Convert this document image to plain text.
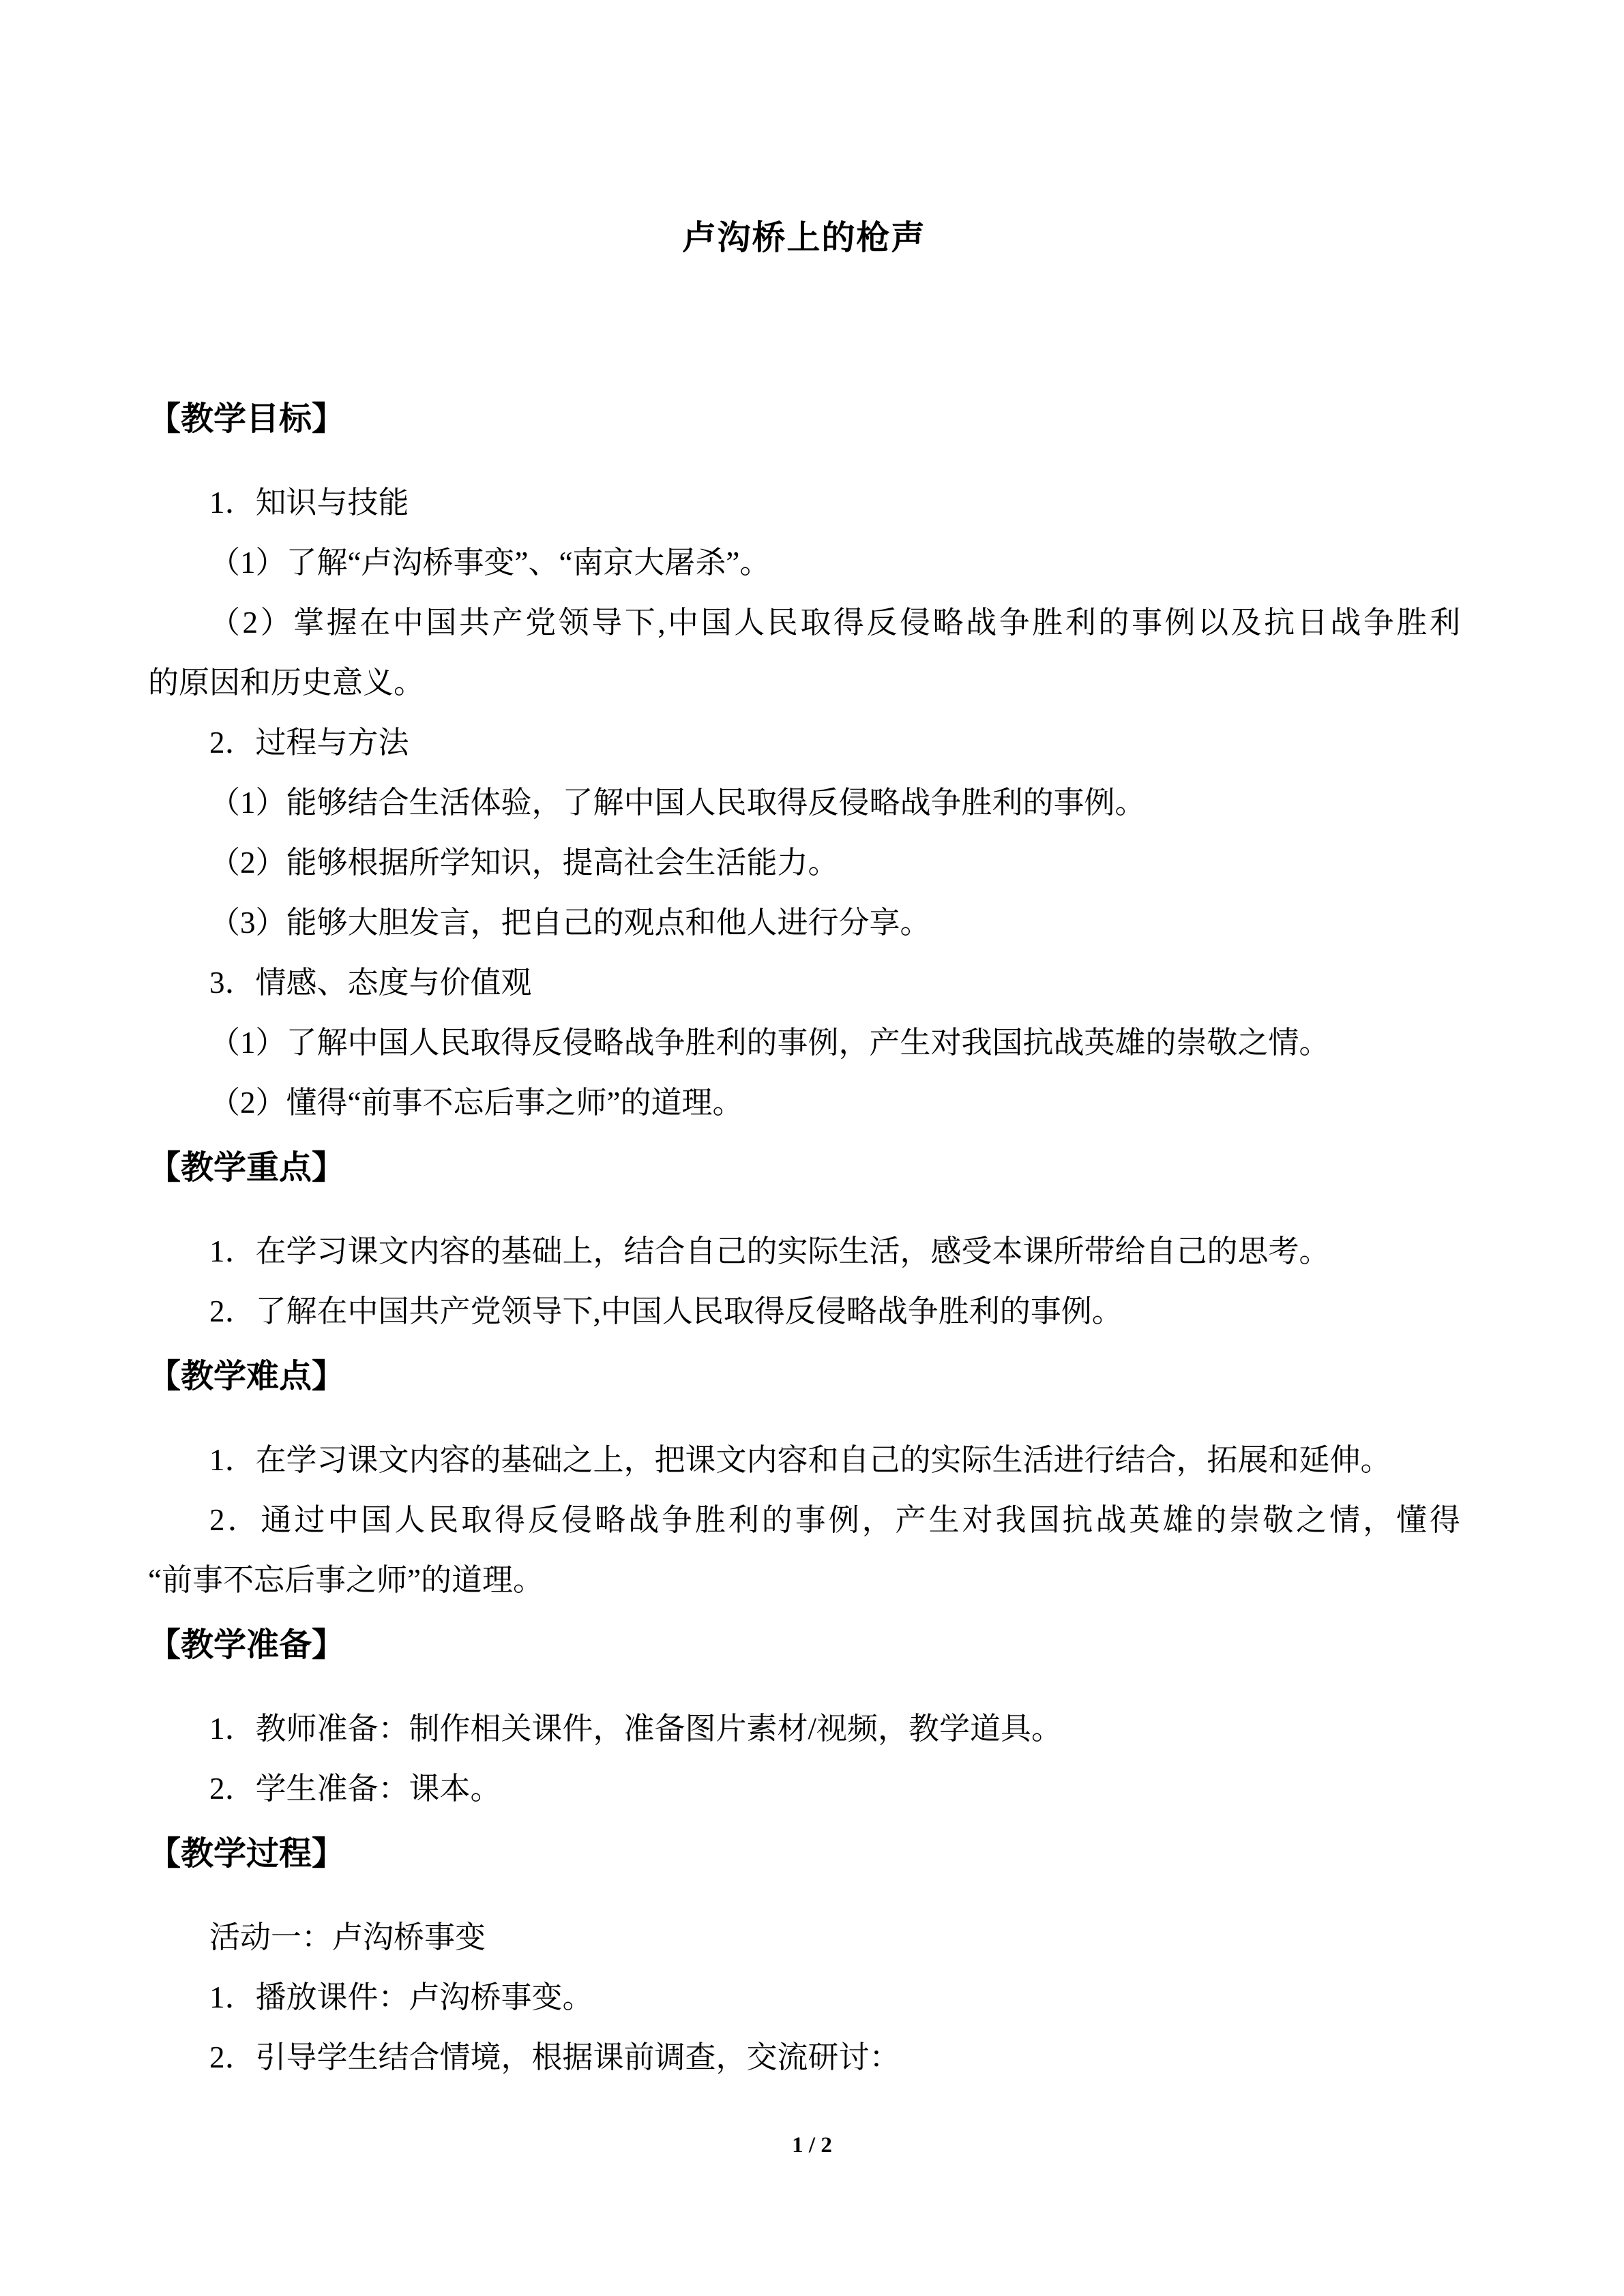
卢沟桥上的枪声
【教学目标】

1．知识与技能

（1）了解“卢沟桥事变”、“南京大屠杀”。

（2）掌握在中国共产党领导下,中国人民取得反侵略战争胜利的事例以及抗日战争胜利

的原因和历史意义。

2．过程与方法

（1）能够结合生活体验，了解中国人民取得反侵略战争胜利的事例。

（2）能够根据所学知识，提高社会生活能力。

（3）能够大胆发言，把自己的观点和他人进行分享。

3．情感、态度与价值观

（1）了解中国人民取得反侵略战争胜利的事例，产生对我国抗战英雄的崇敬之情。

（2）懂得“前事不忘后事之师”的道理。

【教学重点】

1．在学习课文内容的基础上，结合自己的实际生活，感受本课所带给自己的思考。

2．了解在中国共产党领导下,中国人民取得反侵略战争胜利的事例。

【教学难点】

1．在学习课文内容的基础之上，把课文内容和自己的实际生活进行结合，拓展和延伸。

2．通过中国人民取得反侵略战争胜利的事例，产生对我国抗战英雄的崇敬之情，懂得

“前事不忘后事之师”的道理。

【教学准备】

1．教师准备：制作相关课件，准备图片素材/视频，教学道具。

2．学生准备：课本。

【教学过程】

活动一：卢沟桥事变

1．播放课件：卢沟桥事变。

2．引导学生结合情境，根据课前调查，交流研讨：

1 / 2
